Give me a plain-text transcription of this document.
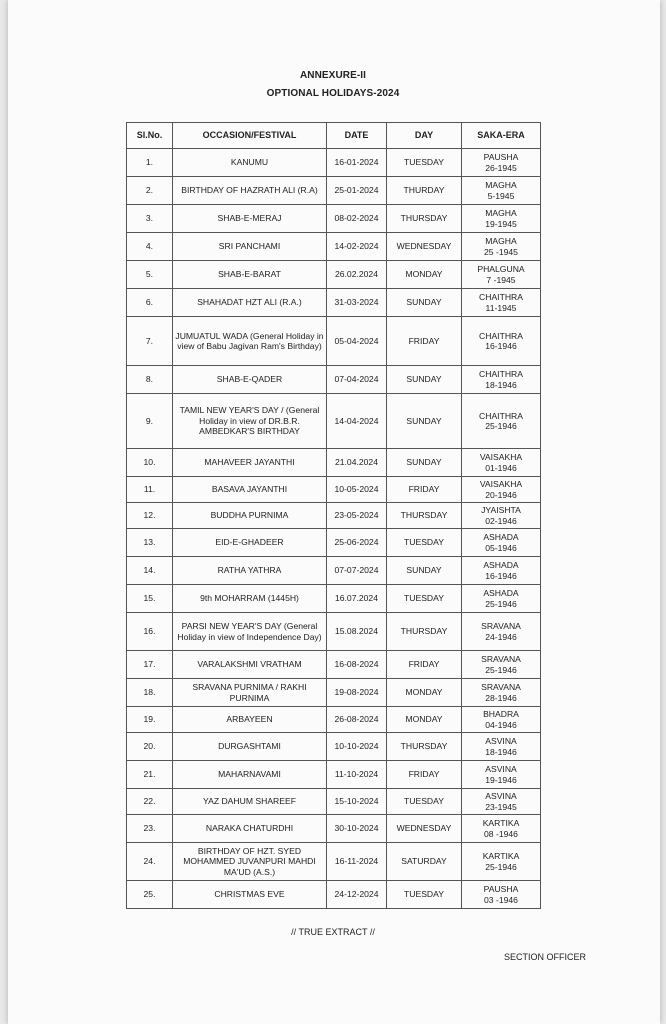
ANNEXURE-II
OPTIONAL HOLIDAYS-2024
Sl.No.	OCCASION/FESTIVAL	DATE	DAY	SAKA-ERA
1.	KANUMU	16-01-2024	TUESDAY	PAUSHA
26-1945
2.	BIRTHDAY OF HAZRATH ALI (R.A)	25-01-2024	THURDAY	MAGHA
5-1945
3.	SHAB-E-MERAJ	08-02-2024	THURSDAY	MAGHA
19-1945
4.	SRI PANCHAMI	14-02-2024	WEDNESDAY	MAGHA
25 -1945
5.	SHAB-E-BARAT	26.02.2024	MONDAY	PHALGUNA
7 -1945
6.	SHAHADAT HZT ALI (R.A.)	31-03-2024	SUNDAY	CHAITHRA
11-1945
7.	JUMUATUL WADA (General Holiday in view of Babu Jagivan Ram's Birthday)	05-04-2024	FRIDAY	CHAITHRA
16-1946
8.	SHAB-E-QADER	07-04-2024	SUNDAY	CHAITHRA
18-1946
9.	TAMIL NEW YEAR'S DAY / (General Holiday in view of DR.B.R. AMBEDKAR'S BIRTHDAY	14-04-2024	SUNDAY	CHAITHRA
25-1946
10.	MAHAVEER JAYANTHI	21.04.2024	SUNDAY	VAISAKHA
01-1946
11.	BASAVA JAYANTHI	10-05-2024	FRIDAY	VAISAKHA
20-1946
12.	BUDDHA PURNIMA	23-05-2024	THURSDAY	JYAISHTA
02-1946
13.	EID-E-GHADEER	25-06-2024	TUESDAY	ASHADA
05-1946
14.	RATHA YATHRA	07-07-2024	SUNDAY	ASHADA
16-1946
15.	9th MOHARRAM (1445H)	16.07.2024	TUESDAY	ASHADA
25-1946
16.	PARSI NEW YEAR'S DAY (General Holiday in view of Independence Day)	15.08.2024	THURSDAY	SRAVANA
24-1946
17.	VARALAKSHMI VRATHAM	16-08-2024	FRIDAY	SRAVANA
25-1946
18.	SRAVANA PURNIMA / RAKHI PURNIMA	19-08-2024	MONDAY	SRAVANA
28-1946
19.	ARBAYEEN	26-08-2024	MONDAY	BHADRA
04-1946
20.	DURGASHTAMI	10-10-2024	THURSDAY	ASVINA
18-1946
21.	MAHARNAVAMI	11-10-2024	FRIDAY	ASVINA
19-1946
22.	YAZ DAHUM SHAREEF	15-10-2024	TUESDAY	ASVINA
23-1945
23.	NARAKA CHATURDHI	30-10-2024	WEDNESDAY	KARTIKA
08 -1946
24.	BIRTHDAY OF HZT. SYED MOHAMMED JUVANPURI MAHDI MA'UD (A.S.)	16-11-2024	SATURDAY	KARTIKA
25-1946
25.	CHRISTMAS EVE	24-12-2024	TUESDAY	PAUSHA
03 -1946
// TRUE EXTRACT //
SECTION OFFICER
